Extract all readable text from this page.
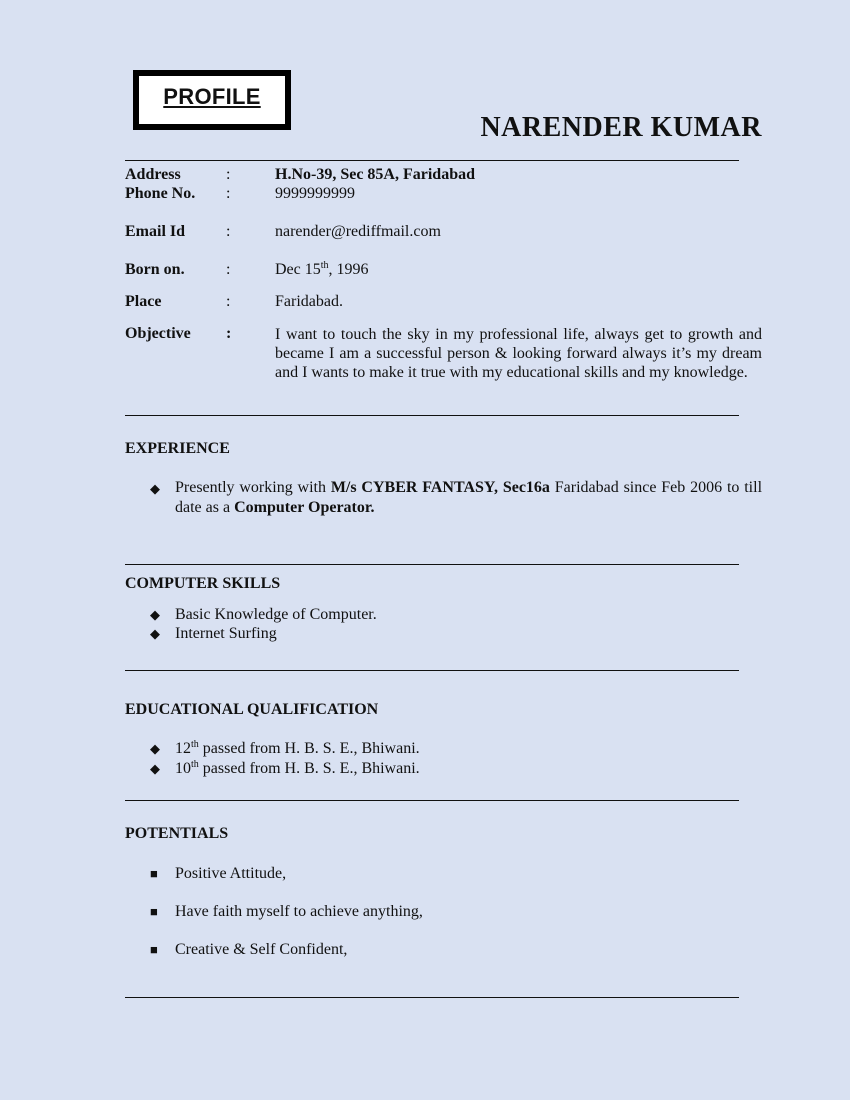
PROFILE
NARENDER KUMAR
Address	:	H.No-39, Sec 85A, Faridabad
Phone No. :	9999999999
Email Id	:	narender@rediffmail.com
Born on.	:	Dec 15th, 1996
Place	:	Faridabad.
Objective :	I want to touch the sky in my professional life, always get to growth and became I am a successful person & looking forward always it’s my dream and I wants to make it true with my educational skills and my knowledge.
EXPERIENCE
◆ Presently working with M/s CYBER FANTASY, Sec16a Faridabad since Feb 2006 to till date as a Computer Operator.
COMPUTER SKILLS
◆ Basic Knowledge of Computer.
◆ Internet Surfing
EDUCATIONAL QUALIFICATION
◆ 12th passed from H. B. S. E., Bhiwani.
◆ 10th passed from H. B. S. E., Bhiwani.
POTENTIALS
■	Positive Attitude,
■	Have faith myself to achieve anything,
■	Creative & Self Confident,
